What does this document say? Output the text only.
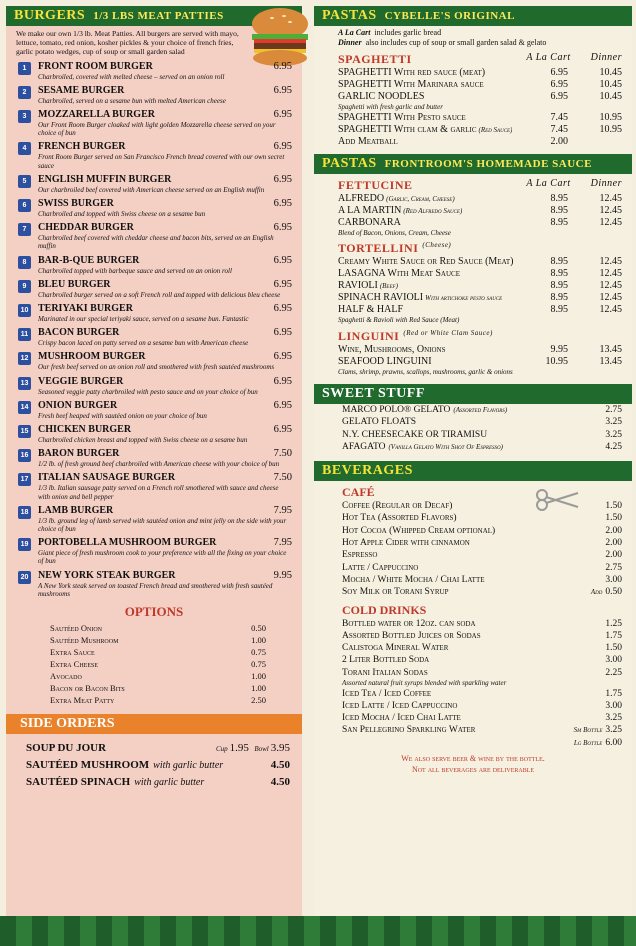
BURGERS 1/3 LBS MEAT PATTIES
We make our own 1/3 lb. Meat Patties. All burgers are served with mayo, lettuce, tomato, red onion, kosher pickles & your choice of french fries, garlic potato wedges, cup of soup or small garden salad
1	FRONT ROOM BURGER	6.95
Charbroiled, covered with melted cheese – served on an onion roll
2	SESAME BURGER	6.95
Charbroiled, served on a sesame bun with melted American cheese
3	MOZZARELLA BURGER	6.95
Our Front Room Burger cloaked with light golden Mozzarella cheese served on your choice of bun
4	FRENCH BURGER	6.95
Front Room Burger served on San Francisco French bread covered with our own secret sauce
5	ENGLISH MUFFIN BURGER	6.95
Our charbroiled beef covered with American cheese served on an English muffin
6	SWISS BURGER	6.95
Charbroiled and topped with Swiss cheese on a sesame bun
7	CHEDDAR BURGER	6.95
Charbroiled beef covered with cheddar cheese and bacon bits, served on an English muffin
8	BAR-B-QUE BURGER	6.95
Charbroiled topped with barbeque sauce and served on an onion roll
9	BLEU BURGER	6.95
Charbroiled burger served on a soft French roll and topped with delicious bleu cheese
10 TERIYAKI BURGER	6.95
Marinated in our special teriyaki sauce, served on a sesame bun. Fantastic
11 BACON BURGER	6.95
Crispy bacon laced on patty served on a sesame bun with American cheese
12 MUSHROOM BURGER	6.95
Our fresh beef served on an onion roll and smothered with fresh sautéed mushrooms
13 VEGGIE BURGER	6.95
Seasoned veggie patty charbroiled with pesto sauce and on your choice of bun
14 ONION BURGER	6.95
Fresh beef heaped with sautéed onion on your choice of bun
15 CHICKEN BURGER	6.95
Charbroiled chicken breast and topped with Swiss cheese on a sesame bun
16 BARON BURGER	7.50
1/2 lb. of fresh ground beef charbroiled with American cheese with your choice of bun
17 ITALIAN SAUSAGE BURGER	7.50
1/3 lb. Italian sausage patty served on a French roll smothered with sauce and cheese with onion and bell pepper
18 LAMB BURGER	7.95
1/3 lb. ground leg of lamb served with sautéed onion and mint jelly on the side with your choice of bun
19 PORTOBELLA MUSHROOM BURGER	7.95
Giant piece of fresh mushroom cook to your preference with all the fixing on your choice of bun
20 NEW YORK STEAK BURGER	9.95
A New York steak served on toasted French bread and smothered with fresh sautéed mushrooms
OPTIONS
Sautéed Onion	0.50
Sautéed Mushroom	1.00
Extra Sauce	0.75
Extra Cheese	0.75
Avocado	1.00
Bacon or Bacon Bits	1.00
Extra Meat Patty	2.50
SIDE ORDERS
SOUP DU JOUR	Cup 1.95 Bowl 3.95
SAUTÉED MUSHROOM with garlic butter	4.50
SAUTÉED SPINACH with garlic butter	4.50
PASTAS CYBELLE'S ORIGINAL
A La Cart includes garlic bread
Dinner also includes cup of soup or small garden salad & gelato
SPAGHETTI	A La Cart Dinner
SPAGHETTI With red sauce (meat)	6.95	10.45
SPAGHETTI With Marinara sauce	6.95	10.45
GARLIC NOODLES	6.95	10.45
Spaghetti with fresh garlic and butter
SPAGHETTI With Pesto sauce	7.45	10.95
SPAGHETTI With clam & garlic (Red Sauce)	7.45	10.95
Add Meatball	2.00
PASTAS FRONTROOM'S HOMEMADE SAUCE
FETTUCINE	A La Cart Dinner
ALFREDO (Garlic, Cream, Cheese)	8.95	12.45
A LA MARTIN (Red Alfredo Sauce)	8.95	12.45
CARBONARA	8.95	12.45
Blend of Bacon, Onions, Cream, Cheese
TORTELLINI (Cheese)
Creamy White Sauce or Red Sauce (Meat)	8.95	12.45
LASAGNA With Meat Sauce	8.95	12.45
RAVIOLI (Beef)	8.95	12.45
SPINACH RAVIOLI With artichoke pesto sauce	8.95	12.45
HALF & HALF	8.95	12.45
Spaghetti & Ravioli with Red Sauce (Meat)
LINGUINI (Red or White Clam Sauce)
Wine, Mushrooms, Onions	9.95	13.45
SEAFOOD LINGUINI	10.95	13.45
Clams, shrimp, prawns, scallops, mushrooms, garlic & onions
SWEET STUFF
MARCO POLO® GELATO (Assorted Flavors)	2.75
GELATO FLOATS	3.25
N.Y. CHEESECAKE OR TIRAMISU	3.25
AFAGATO (Vanilla Gelato With Shot Of Espresso)	4.25
BEVERAGES
CAFÉ
Coffee (Regular or Decaf)	1.50
Hot Tea (Assorted Flavors)	1.50
Hot Cocoa (Whipped Cream optional)	2.00
Hot Apple Cider with cinnamon	2.00
Espresso	2.00
Latte / Cappuccino	2.75
Mocha / White Mocha / Chai Latte	3.00
Soy Milk or Torani Syrup	Add 0.50
COLD DRINKS
Bottled water or 12oz. can soda	1.25
Assorted Bottled Juices or Sodas	1.75
Calistoga Mineral Water	1.50
2 Liter Bottled Soda	3.00
Torani Italian Sodas	2.25
Assorted natural fruit syrups blended with sparkling water
Iced Tea / Iced Coffee	1.75
Iced Latte / Iced Cappuccino	3.00
Iced Mocha / Iced Chai Latte	3.25
San Pellegrino Sparkling Water	Sm Bottle 3.25
Lg Bottle 6.00
We also serve beer & wine by the bottle.
Not all beverages are deliverable
